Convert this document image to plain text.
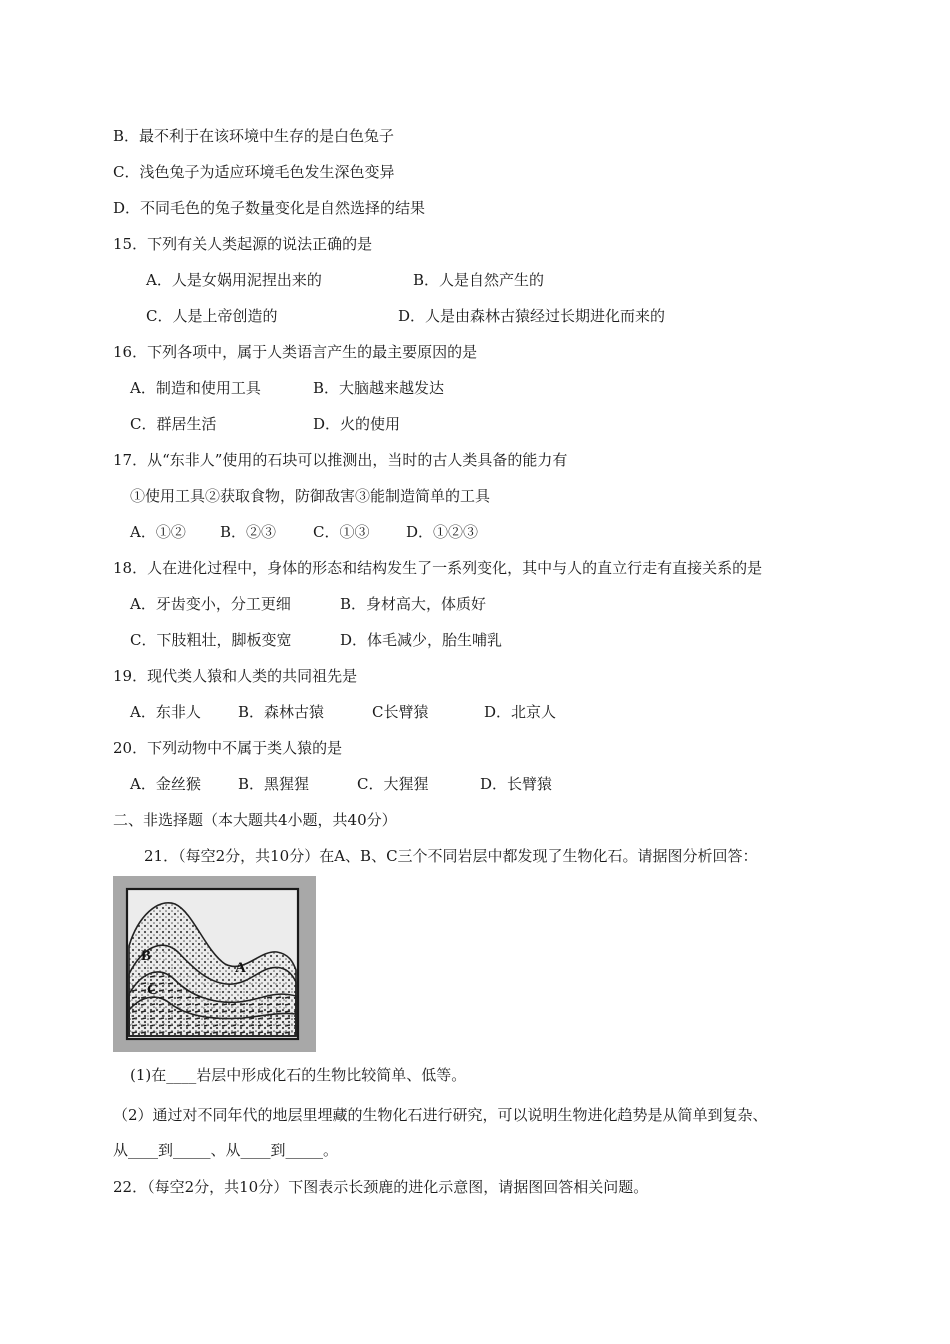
B．最不利于在该环境中生存的是白色兔子
C．浅色兔子为适应环境毛色发生深色变异
D．不同毛色的兔子数量变化是自然选择的结果
15．下列有关人类起源的说法正确的是
A．人是女娲用泥捏出来的	B．人是自然产生的
C．人是上帝创造的	D．人是由森林古猿经过长期进化而来的
16．下列各项中，属于人类语言产生的最主要原因的是
A．制造和使用工具	B．大脑越来越发达
C．群居生活	D．火的使用
17．从“东非人”使用的石块可以推测出，当时的古人类具备的能力有
①使用工具②获取食物，防御敌害③能制造简单的工具
A．①② B．②③ C．①③ D．①②③
18．人在进化过程中，身体的形态和结构发生了一系列变化，其中与人的直立行走有直接关系的是
A．牙齿变小，分工更细	B．身材高大，体质好
C．下肢粗壮，脚板变宽	D．体毛减少，胎生哺乳
19．现代类人猿和人类的共同祖先是
A．东非人 B．森林古猿	C长臂猿	D．北京人
20．下列动物中不属于类人猿的是
A．金丝猴 B．黑猩猩	C．大猩猩	D．长臂猿
二、非选择题（本大题共4小题，共40分）
21．（每空2分，共10分）在A、B、C三个不同岩层中都发现了生物化石。请据图分析回答：
B
A
C
(1)在____岩层中形成化石的生物比较简单、低等。
（2）通过对不同年代的地层里埋藏的生物化石进行研究，可以说明生物进化趋势是从简单到复杂、
从____到_____、从____到_____。
22．（每空2分，共10分）下图表示长颈鹿的进化示意图，请据图回答相关问题。
